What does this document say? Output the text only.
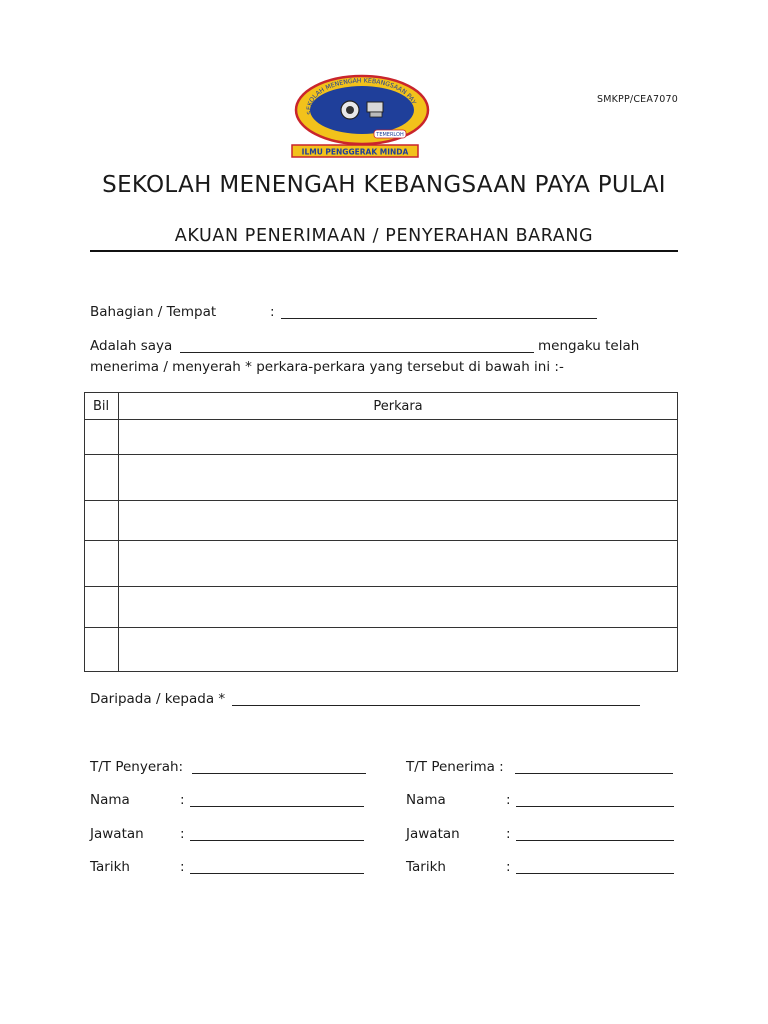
SMKPP/CEA7070
SEKOLAH MENENGAH KEBANGSAAN PAY
TEMERLOH
ILMU PENGGERAK MINDA
SEKOLAH MENENGAH KEBANGSAAN PAYA PULAI
AKUAN PENERIMAAN / PENYERAHAN BARANG
Bahagian / Tempat	:
Adalah saya	mengaku telah
menerima / menyerah * perkara-perkara yang tersebut di bawah ini :-
Bil	Perkara

Daripada / kepada *
T/T Penyerah:
Nama	:
Jawatan	:
Tarikh	:
T/T Penerima :
Nama	:
Jawatan	:
Tarikh	:
